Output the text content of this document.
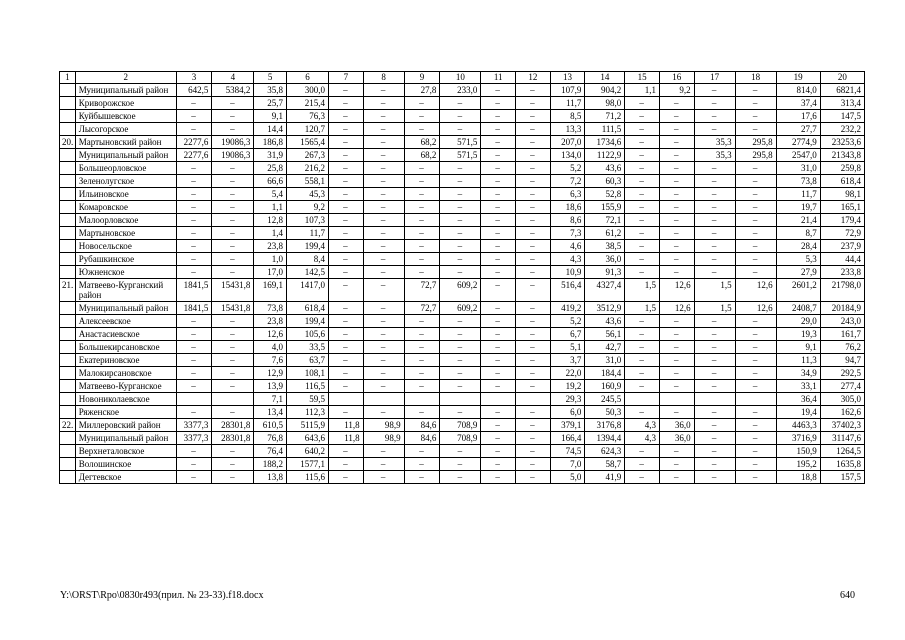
1	2	3	4	5	6	7	8	9	10	11	12	13	14	15	16	17	18	19	20
	Муниципальный район	642,5	5384,2	35,8	300,0	–	–	27,8	233,0	–	–	107,9	904,2	1,1	9,2	–	–	814,0	6821,4
	Криворожское	–	–	25,7	215,4	–	–	–	–	–	–	11,7	98,0	–	–	–	–	37,4	313,4
	Куйбышевское	–	–	9,1	76,3	–	–	–	–	–	–	8,5	71,2	–	–	–	–	17,6	147,5
	Лысогорское	–	–	14,4	120,7	–	–	–	–	–	–	13,3	111,5	–	–	–	–	27,7	232,2
20.	Мартыновский район	2277,6	19086,3	186,8	1565,4	–	–	68,2	571,5	–	–	207,0	1734,6	–	–	35,3	295,8	2774,9	23253,6
	Муниципальный район	2277,6	19086,3	31,9	267,3	–	–	68,2	571,5	–	–	134,0	1122,9	–	–	35,3	295,8	2547,0	21343,8
	Большеорловское	–	–	25,8	216,2	–	–	–	–	–	–	5,2	43,6	–	–	–	–	31,0	259,8
	Зеленолугское	–	–	66,6	558,1	–	–	–	–	–	–	7,2	60,3	–	–	–	–	73,8	618,4
	Ильиновское	–	–	5,4	45,3	–	–	–	–	–	–	6,3	52,8	–	–	–	–	11,7	98,1
	Комаровское	–	–	1,1	9,2	–	–	–	–	–	–	18,6	155,9	–	–	–	–	19,7	165,1
	Малоорловское	–	–	12,8	107,3	–	–	–	–	–	–	8,6	72,1	–	–	–	–	21,4	179,4
	Мартыновское	–	–	1,4	11,7	–	–	–	–	–	–	7,3	61,2	–	–	–	–	8,7	72,9
	Новосельское	–	–	23,8	199,4	–	–	–	–	–	–	4,6	38,5	–	–	–	–	28,4	237,9
	Рубашкинское	–	–	1,0	8,4	–	–	–	–	–	–	4,3	36,0	–	–	–	–	5,3	44,4
	Южненское	–	–	17,0	142,5	–	–	–	–	–	–	10,9	91,3	–	–	–	–	27,9	233,8
21.	Матвеево-Курганский район	1841,5	15431,8	169,1	1417,0	–	–	72,7	609,2	–	–	516,4	4327,4	1,5	12,6	1,5	12,6	2601,2	21798,0
	Муниципальный район	1841,5	15431,8	73,8	618,4	–	–	72,7	609,2	–	–	419,2	3512,9	1,5	12,6	1,5	12,6	2408,7	20184,9
	Алексеевское	–	–	23,8	199,4	–	–	–	–	–	–	5,2	43,6	–	–	–	–	29,0	243,0
	Анастасиевское	–	–	12,6	105,6	–	–	–	–	–	–	6,7	56,1	–	–	–	–	19,3	161,7
	Большекирсановское	–	–	4,0	33,5	–	–	–	–	–	–	5,1	42,7	–	–	–	–	9,1	76,2
	Екатериновское	–	–	7,6	63,7	–	–	–	–	–	–	3,7	31,0	–	–	–	–	11,3	94,7
	Малокирсановское	–	–	12,9	108,1	–	–	–	–	–	–	22,0	184,4	–	–	–	–	34,9	292,5
	Матвеево-Курганское	–	–	13,9	116,5	–	–	–	–	–	–	19,2	160,9	–	–	–	–	33,1	277,4
	Новониколаевское			7,1	59,5							29,3	245,5					36,4	305,0
	Ряженское	–	–	13,4	112,3	–	–	–	–	–	–	6,0	50,3	–	–	–	–	19,4	162,6
22.	Миллеровский район	3377,3	28301,8	610,5	5115,9	11,8	98,9	84,6	708,9	–	–	379,1	3176,8	4,3	36,0	–	–	4463,3	37402,3
	Муниципальный район	3377,3	28301,8	76,8	643,6	11,8	98,9	84,6	708,9	–	–	166,4	1394,4	4,3	36,0	–	–	3716,9	31147,6
	Верхнеталовское	–	–	76,4	640,2	–	–	–	–	–	–	74,5	624,3	–	–	–	–	150,9	1264,5
	Волошинское	–	–	188,2	1577,1	–	–	–	–	–	–	7,0	58,7	–	–	–	–	195,2	1635,8
	Дегтевское	–	–	13,8	115,6	–	–	–	–	–	–	5,0	41,9	–	–	–	–	18,8	157,5
Y:\ORST\Rpo\0830r493(прил. № 23-33).f18.docx	640
